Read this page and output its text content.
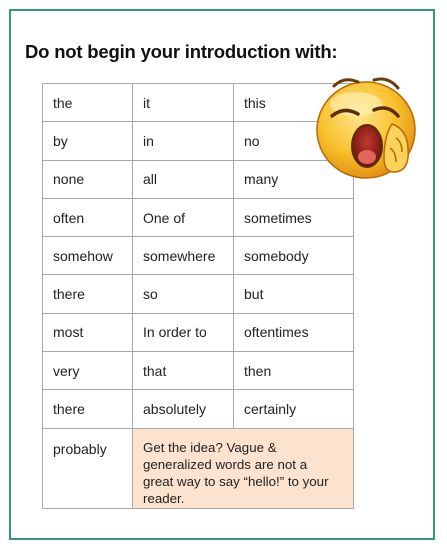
Do not begin your introduction with:
the	it	this
by	in	no
none	all	many
often	One of	sometimes
somehow	somewhere	somebody
there	so	but
most	In order to	oftentimes
very	that	then
there	absolutely	certainly
probably	Get the idea? Vague & generalized words are not a great way to say “hello!” to your reader.	
